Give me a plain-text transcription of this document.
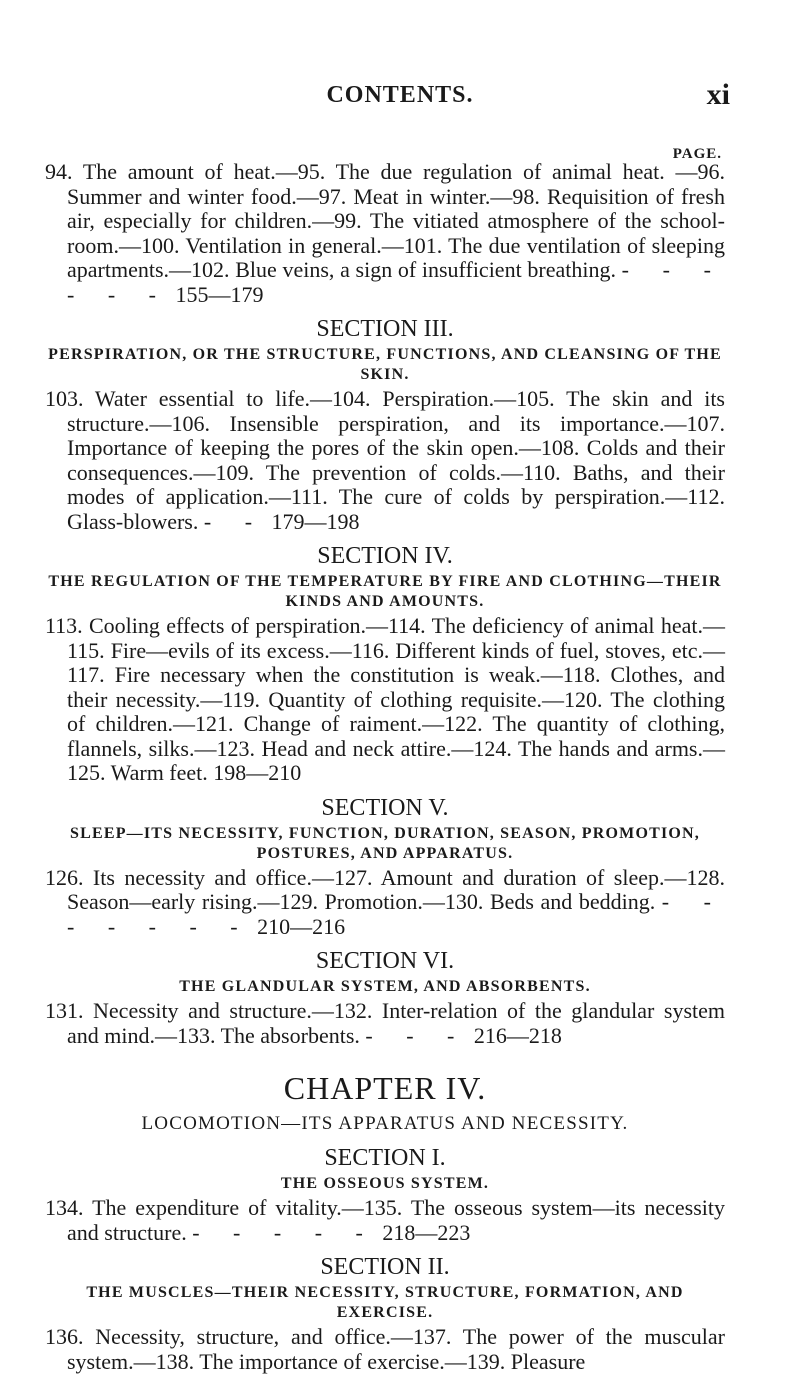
CONTENTS.	xi
PAGE.

94. The amount of heat.—95. The due regulation of animal heat. —96. Summer and winter food.—97. Meat in winter.—98. Requisition of fresh air, especially for children.—99. The vitiated atmosphere of the school-room.—100. Ventilation in general.—101. The due ventilation of sleeping apartments.—102. Blue veins, a sign of insufficient breathing. - - - - - - 155—179

SECTION III.
PERSPIRATION, OR THE STRUCTURE, FUNCTIONS, AND CLEANSING OF THE SKIN.

103. Water essential to life.—104. Perspiration.—105. The skin and its structure.—106. Insensible perspiration, and its importance.—107. Importance of keeping the pores of the skin open.—108. Colds and their consequences.—109. The prevention of colds.—110. Baths, and their modes of application.—111. The cure of colds by perspiration.—112. Glass-blowers. - - 179—198

SECTION IV.
THE REGULATION OF THE TEMPERATURE BY FIRE AND CLOTHING—THEIR KINDS AND AMOUNTS.

113. Cooling effects of perspiration.—114. The deficiency of animal heat.—115. Fire—evils of its excess.—116. Different kinds of fuel, stoves, etc.—117. Fire necessary when the constitution is weak.—118. Clothes, and their necessity.—119. Quantity of clothing requisite.—120. The clothing of children.—121. Change of raiment.—122. The quantity of clothing, flannels, silks.—123. Head and neck attire.—124. The hands and arms.—125. Warm feet. 198—210

SECTION V.
SLEEP—ITS NECESSITY, FUNCTION, DURATION, SEASON, PROMOTION, POSTURES, AND APPARATUS.

126. Its necessity and office.—127. Amount and duration of sleep.—128. Season—early rising.—129. Promotion.—130. Beds and bedding. - - - - - - - 210—216

SECTION VI.
THE GLANDULAR SYSTEM, AND ABSORBENTS.

131. Necessity and structure.—132. Inter-relation of the glandular system and mind.—133. The absorbents. - - - 216—218

CHAPTER IV.
LOCOMOTION—ITS APPARATUS AND NECESSITY.
SECTION I.
THE OSSEOUS SYSTEM.

134. The expenditure of vitality.—135. The osseous system—its necessity and structure. - - - - - 218—223

SECTION II.
THE MUSCLES—THEIR NECESSITY, STRUCTURE, FORMATION, AND EXERCISE.

136. Necessity, structure, and office.—137. The power of the muscular system.—138. The importance of exercise.—139. Pleasure
